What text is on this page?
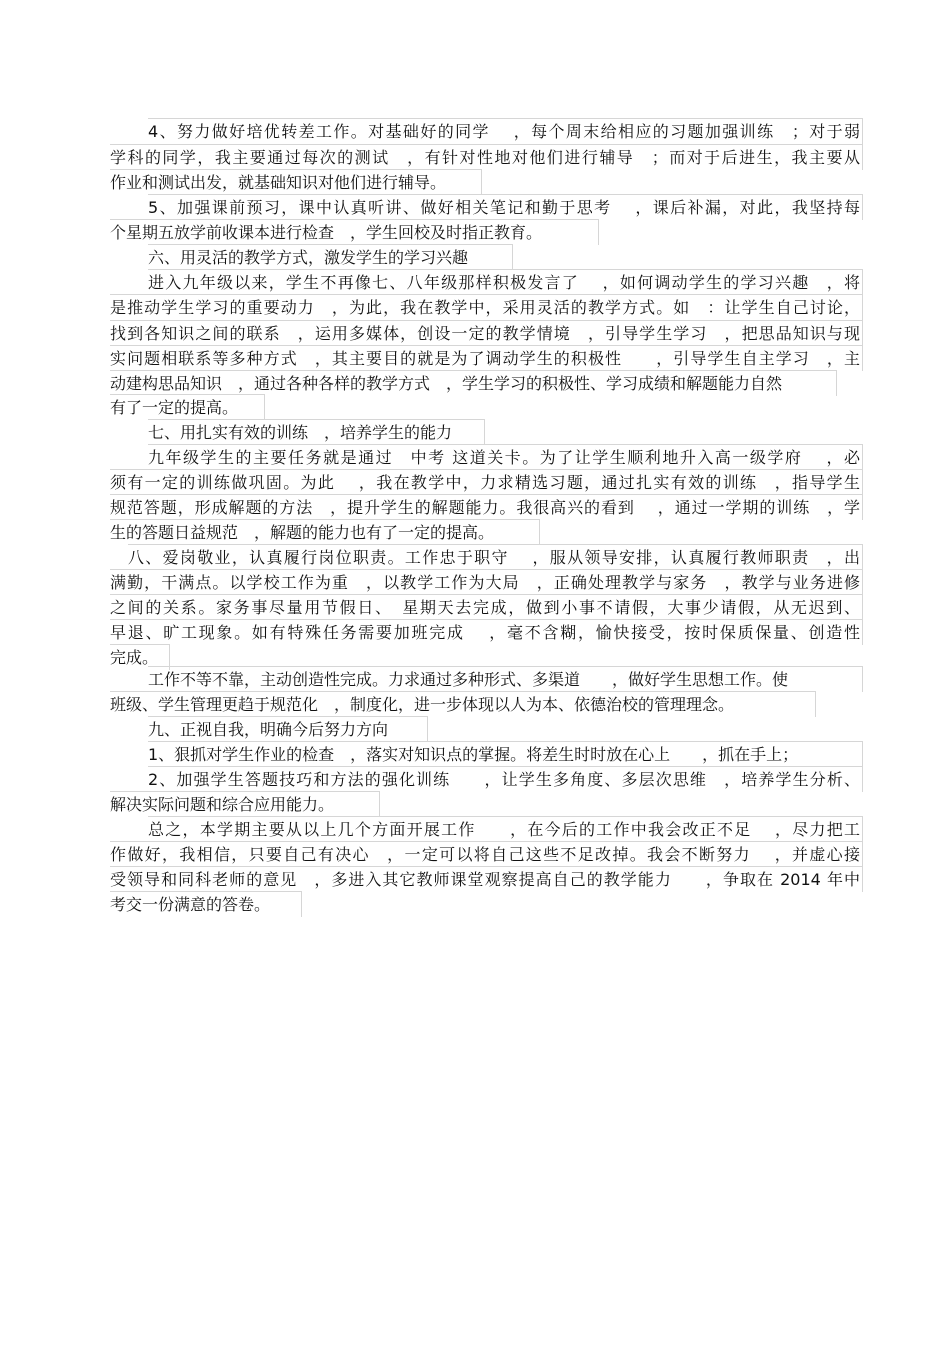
4、努力做好培优转差工作。对基础好的同学　 ，每个周末给相应的习题加强训练　；对于弱
学科的同学，我主要通过每次的测试　，有针对性地对他们进行辅导　；而对于后进生，我主要从
作业和测试出发，就基础知识对他们进行辅导。
5、加强课前预习，课中认真听讲、做好相关笔记和勤于思考　 ，课后补漏，对此，我坚持每
个星期五放学前收课本进行检查　，学生回校及时指正教育。
六、用灵活的教学方式，激发学生的学习兴趣
进入九年级以来，学生不再像七、八年级那样积极发言了　 ，如何调动学生的学习兴趣　，将
是推动学生学习的重要动力　，为此，我在教学中，采用灵活的教学方式。如　：让学生自己讨论，
找到各知识之间的联系　，运用多媒体，创设一定的教学情境　，引导学生学习　，把思品知识与现
实问题相联系等多种方式　，其主要目的就是为了调动学生的积极性　　，引导学生自主学习　，主
动建构思品知识　，通过各种各样的教学方式　，学生学习的积极性、学习成绩和解题能力自然
有了一定的提高。
七、用扎实有效的训练　，培养学生的能力
九年级学生的主要任务就是通过　中考 这道关卡。为了让学生顺利地升入高一级学府　 ，必
须有一定的训练做巩固。为此　 ，我在教学中，力求精选习题，通过扎实有效的训练　，指导学生
规范答题，形成解题的方法　，提升学生的解题能力。我很高兴的看到　 ，通过一学期的训练　，学
生的答题日益规范　，解题的能力也有了一定的提高。
八、爱岗敬业，认真履行岗位职责。工作忠于职守　 ，服从领导安排，认真履行教师职责　，出
满勤，干满点。以学校工作为重　，以教学工作为大局　，正确处理教学与家务　，教学与业务进修
之间的关系。家务事尽量用节假日、　星期天去完成，做到小事不请假，大事少请假，从无迟到、
早退、旷工现象。如有特殊任务需要加班完成　 ，毫不含糊，愉快接受，按时保质保量、创造性
完成。
工作不等不靠，主动创造性完成。力求通过多种形式、多渠道　　，做好学生思想工作。使
班级、学生管理更趋于规范化　，制度化，进一步体现以人为本、依德治校的管理理念。
九、正视自我，明确今后努力方向
1、狠抓对学生作业的检查　，落实对知识点的掌握。将差生时时放在心上　　，抓在手上；
2、加强学生答题技巧和方法的强化训练　　，让学生多角度、多层次思维　，培养学生分析、
解决实际问题和综合应用能力。
总之，本学期主要从以上几个方面开展工作　　，在今后的工作中我会改正不足　 ，尽力把工
作做好，我相信，只要自己有决心　，一定可以将自己这些不足改掉。我会不断努力　 ，并虚心接
受领导和同科老师的意见　，多进入其它教师课堂观察提高自己的教学能力　　，争取在 2014 年中
考交一份满意的答卷。
